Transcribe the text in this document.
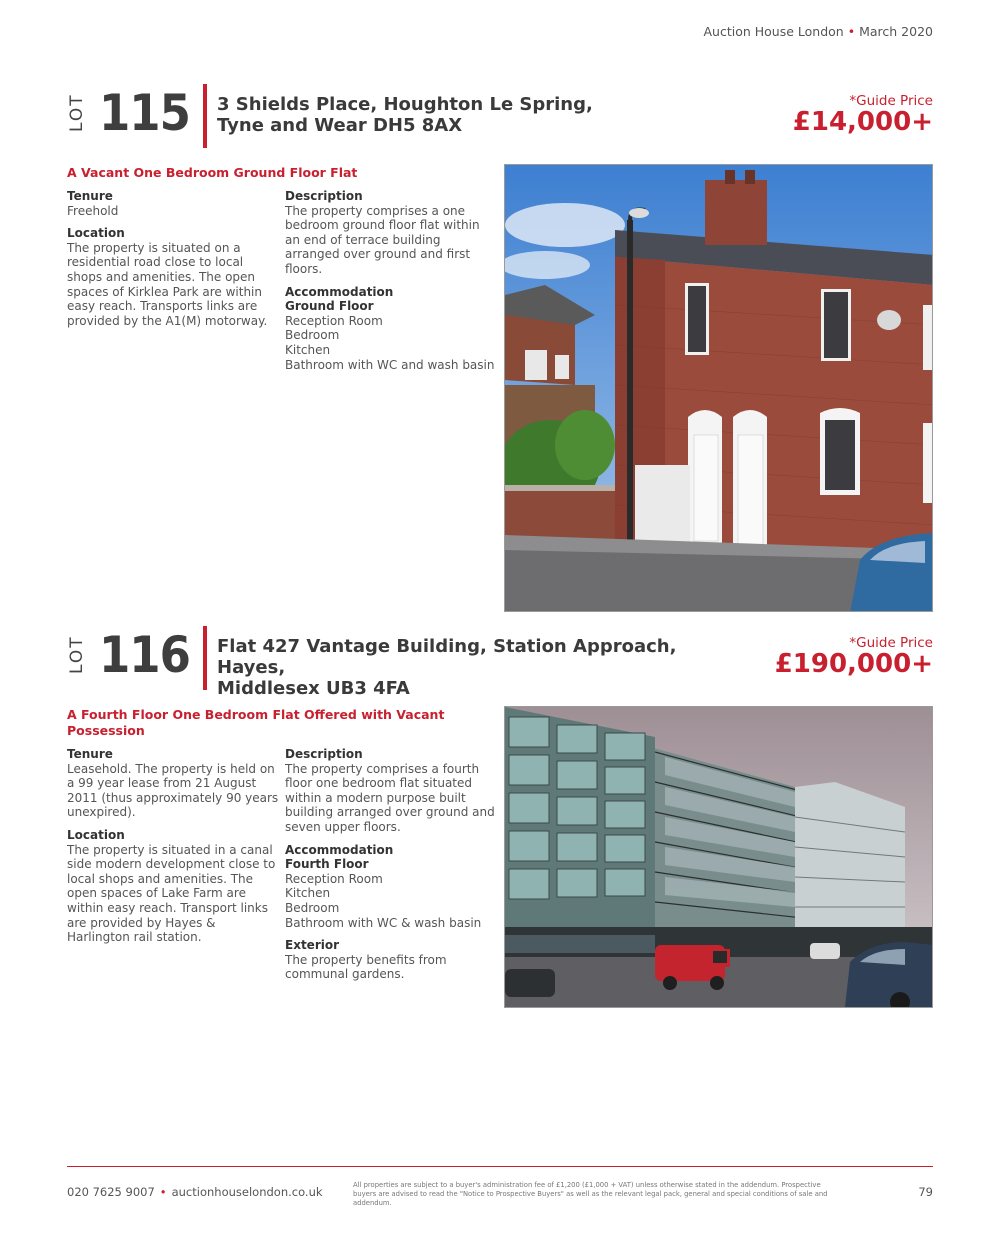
Auction House London • March 2020
LOT 115 3 Shields Place, Houghton Le Spring,
Tyne and Wear DH5 8AX
*Guide Price
£14,000+
A Vacant One Bedroom Ground Floor Flat
Tenure

Freehold

Location

The property is situated on a residential road close to local shops and amenities. The open spaces of Kirklea Park are within easy reach. Transports links are provided by the A1(M) motorway.

Description

The property comprises a one bedroom ground floor flat within an end of terrace building arranged over ground and first floors.

Accommodation
Ground Floor
Reception Room
Bedroom
Kitchen
Bathroom with WC and wash basin
LOT 116 Flat 427 Vantage Building, Station Approach, Hayes,
Middlesex UB3 4FA
*Guide Price
£190,000+
A Fourth Floor One Bedroom Flat Offered with Vacant
Possession
Tenure

Leasehold. The property is held on a 99 year lease from 21 August 2011 (thus approximately 90 years unexpired).

Location

The property is situated in a canal side modern development close to local shops and amenities. The open spaces of Lake Farm are within easy reach. Transport links are provided by Hayes & Harlington rail station.

Description

The property comprises a fourth floor one bedroom flat situated within a modern purpose built building arranged over ground and seven upper floors.

Accommodation
Fourth Floor
Reception Room
Kitchen
Bedroom
Bathroom with WC & wash basin
Exterior

The property benefits from communal gardens.

020 7625 9007 • auctionhouselondon.co.uk	All properties are subject to a buyer's administration fee of £1,200 (£1,000 + VAT) unless otherwise stated in the addendum. Prospective buyers are advised to read the "Notice to Prospective Buyers" as well as the relevant legal pack, general and special conditions of sale and addendum.
79
